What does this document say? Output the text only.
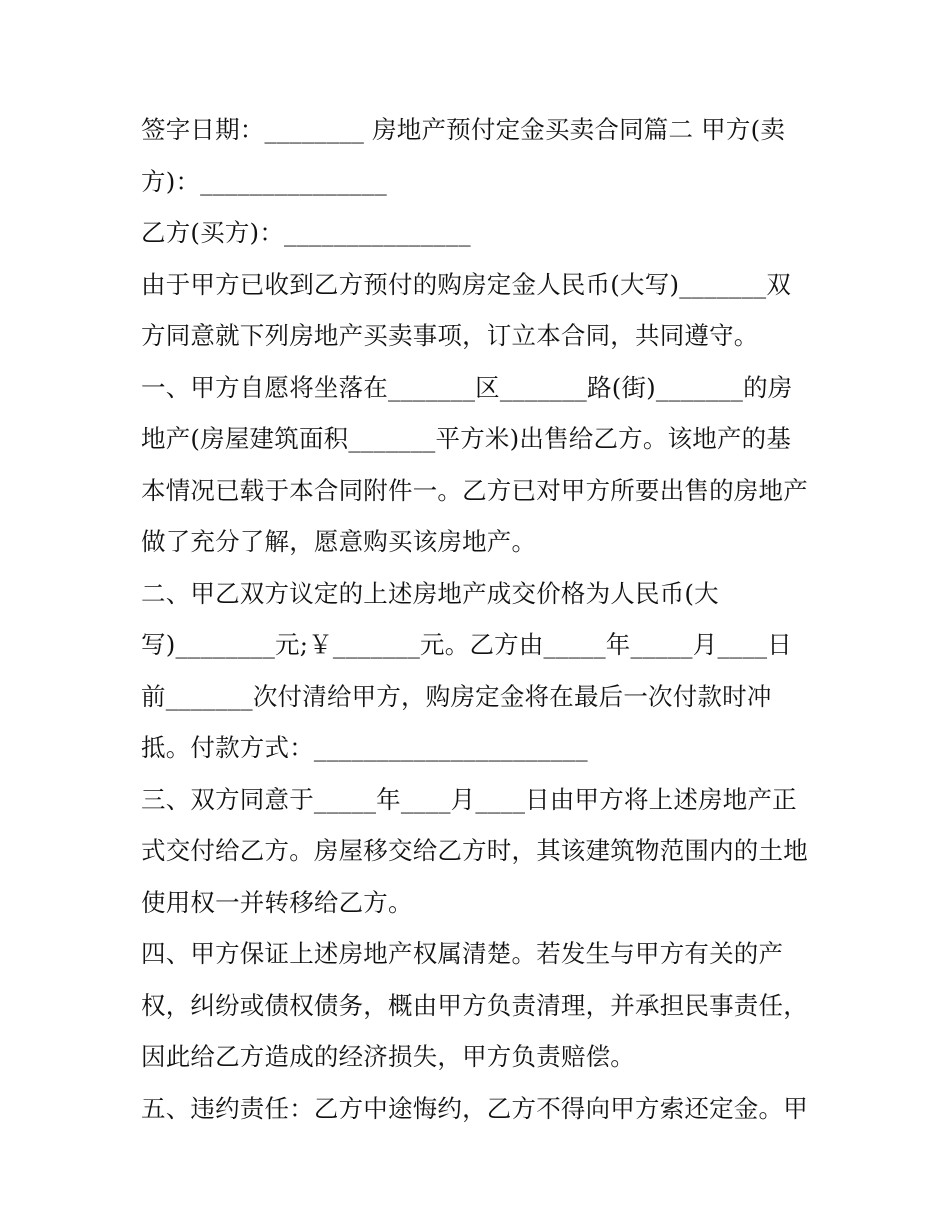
签字日期：________ 房地产预付定金买卖合同篇二 甲方(卖
方)：_______________
乙方(买方)：_______________
由于甲方已收到乙方预付的购房定金人民币(大写)_______双
方同意就下列房地产买卖事项，订立本合同，共同遵守。
一、甲方自愿将坐落在_______区_______路(街)_______的房
地产(房屋建筑面积_______平方米)出售给乙方。该地产的基
本情况已载于本合同附件一。乙方已对甲方所要出售的房地产
做了充分了解，愿意购买该房地产。
二、甲乙双方议定的上述房地产成交价格为人民币(大
写)________元;￥_______元。乙方由_____年_____月____日
前_______次付清给甲方，购房定金将在最后一次付款时冲
抵。付款方式：______________________
三、双方同意于_____年____月____日由甲方将上述房地产正
式交付给乙方。房屋移交给乙方时，其该建筑物范围内的土地
使用权一并转移给乙方。
四、甲方保证上述房地产权属清楚。若发生与甲方有关的产
权，纠纷或债权债务，概由甲方负责清理，并承担民事责任，
因此给乙方造成的经济损失，甲方负责赔偿。
五、违约责任：乙方中途悔约，乙方不得向甲方索还定金。甲
